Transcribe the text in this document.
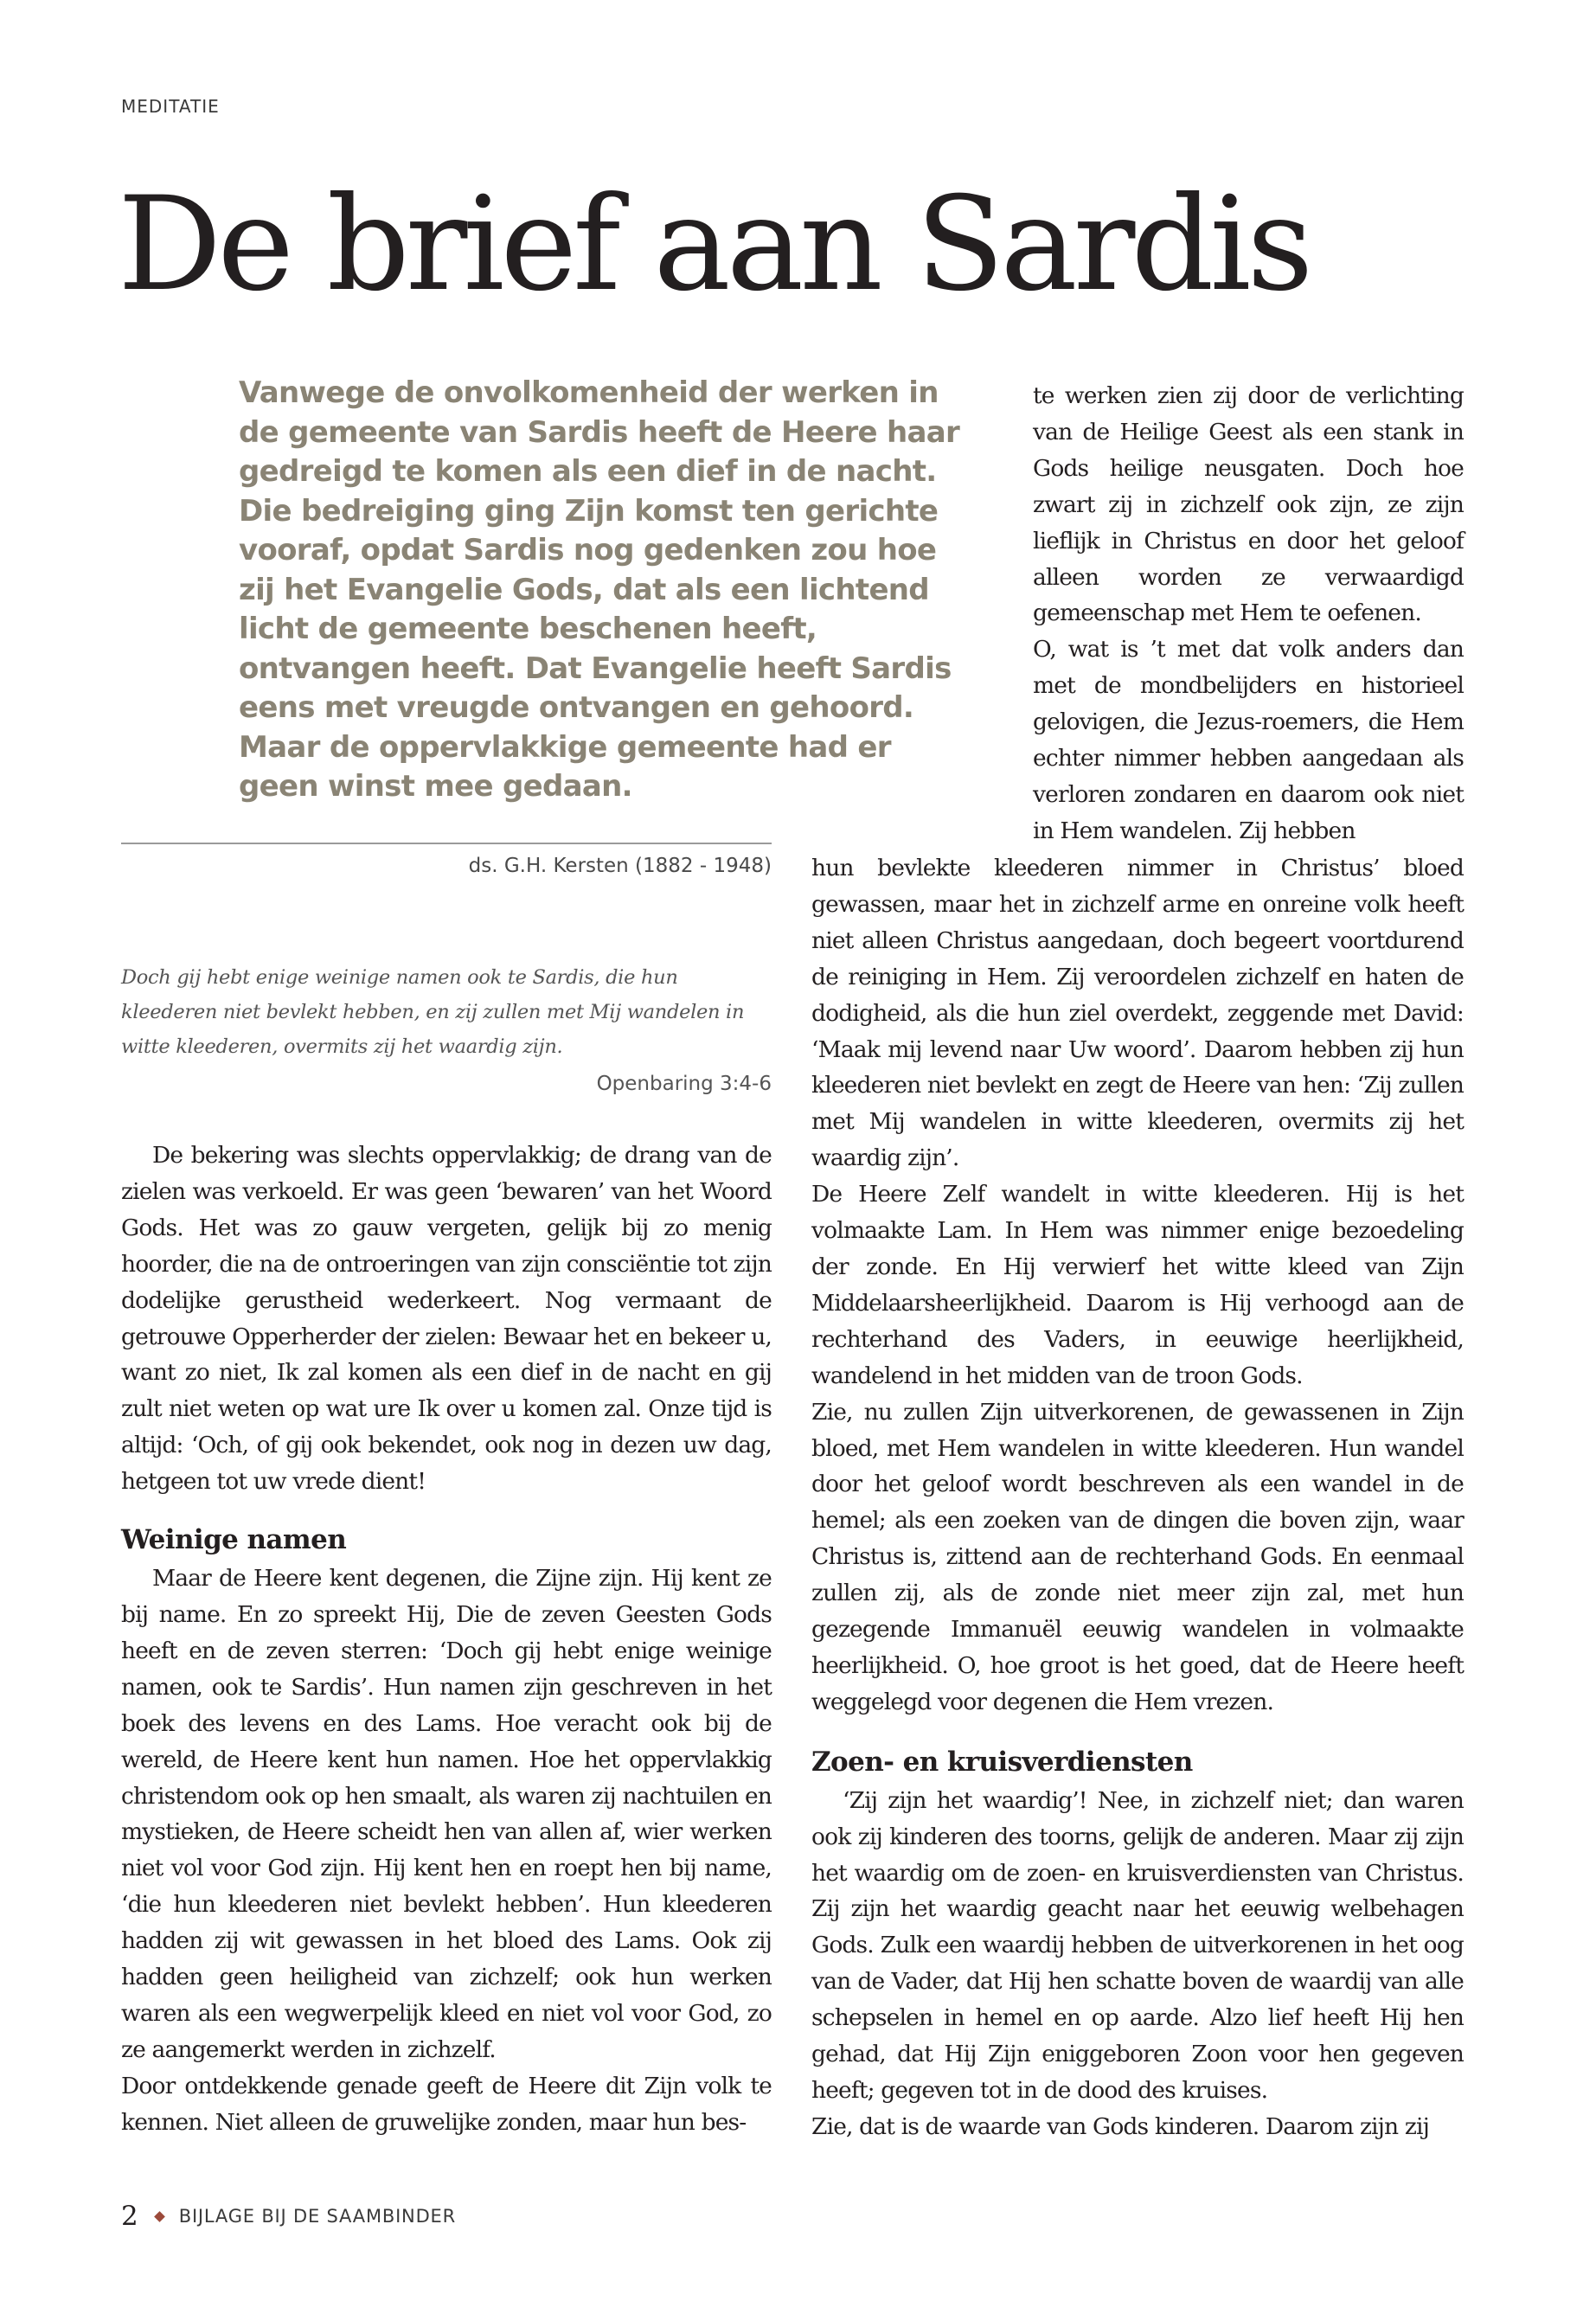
MEDITATIE
De brief aan Sardis

Vanwege de onvolkomenheid der werken in de gemeente van Sardis heeft de Heere haar gedreigd te komen als een dief in de nacht. Die bedreiging ging Zijn komst ten gerichte vooraf, opdat Sardis nog gedenken zou hoe zij het Evangelie Gods, dat als een lichtend licht de gemeente beschenen heeft, ontvangen heeft. Dat Evangelie heeft Sardis eens met vreugde ontvangen en gehoord. Maar de oppervlakkige gemeente had er geen winst mee gedaan.

ds. G.H. Kersten (1882 - 1948)

Doch gij hebt enige weinige namen ook te Sardis, die hun kleederen niet bevlekt hebben, en zij zullen met Mij wandelen in witte kleederen, overmits zij het waardig zijn.

Openbaring 3:4-6

De bekering was slechts oppervlakkig; de drang van de zielen was verkoeld. Er was geen ‘bewaren’ van het Woord Gods. Het was zo gauw vergeten, gelijk bij zo menig hoorder, die na de ontroeringen van zijn consciëntie tot zijn dodelijke gerustheid wederkeert. Nog vermaant de getrouwe Opperherder der zielen: Bewaar het en bekeer u, want zo niet, Ik zal komen als een dief in de nacht en gij zult niet weten op wat ure Ik over u komen zal. Onze tijd is altijd: ‘Och, of gij ook bekendet, ook nog in dezen uw dag, hetgeen tot uw vrede dient!

Weinige namen

Maar de Heere kent degenen, die Zijne zijn. Hij kent ze bij name. En zo spreekt Hij, Die de zeven Geesten Gods heeft en de zeven sterren: ‘Doch gij hebt enige weinige namen, ook te Sardis’. Hun namen zijn geschreven in het boek des levens en des Lams. Hoe veracht ook bij de wereld, de Heere kent hun namen. Hoe het oppervlakkig christendom ook op hen smaalt, als waren zij nachtuilen en mystieken, de Heere scheidt hen van allen af, wier werken niet vol voor God zijn. Hij kent hen en roept hen bij name, ‘die hun kleederen niet bevlekt hebben’. Hun kleederen hadden zij wit gewassen in het bloed des Lams. Ook zij hadden geen heiligheid van zichzelf; ook hun werken waren als een wegwerpelijk kleed en niet vol voor God, zo ze aangemerkt werden in zichzelf.

Door ontdekkende genade geeft de Heere dit Zijn volk te kennen. Niet alleen de gruwelijke zonden, maar hun bes-

te werken zien zij door de verlichting van de Heilige Geest als een stank in Gods heilige neusgaten. Doch hoe zwart zij in zichzelf ook zijn, ze zijn lieflijk in Christus en door het geloof alleen worden ze verwaardigd gemeenschap met Hem te oefenen.

O, wat is ’t met dat volk anders dan met de mondbelijders en historieel gelovigen, die Jezus-roemers, die Hem echter nimmer hebben aangedaan als verloren zondaren en daarom ook niet in Hem wandelen. Zij hebben

hun bevlekte kleederen nimmer in Christus’ bloed gewassen, maar het in zichzelf arme en onreine volk heeft niet alleen Christus aangedaan, doch begeert voortdurend de reiniging in Hem. Zij veroordelen zichzelf en haten de dodigheid, als die hun ziel overdekt, zeggende met David: ‘Maak mij levend naar Uw woord’. Daarom hebben zij hun kleederen niet bevlekt en zegt de Heere van hen: ‘Zij zullen met Mij wandelen in witte kleederen, overmits zij het waardig zijn’.

De Heere Zelf wandelt in witte kleederen. Hij is het volmaakte Lam. In Hem was nimmer enige bezoedeling der zonde. En Hij verwierf het witte kleed van Zijn Middelaarsheerlijkheid. Daarom is Hij verhoogd aan de rechterhand des Vaders, in eeuwige heerlijkheid, wandelend in het midden van de troon Gods.

Zie, nu zullen Zijn uitverkorenen, de gewassenen in Zijn bloed, met Hem wandelen in witte kleederen. Hun wandel door het geloof wordt beschreven als een wandel in de hemel; als een zoeken van de dingen die boven zijn, waar Christus is, zittend aan de rechterhand Gods. En eenmaal zullen zij, als de zonde niet meer zijn zal, met hun gezegende Immanuël eeuwig wandelen in volmaakte heerlijkheid. O, hoe groot is het goed, dat de Heere heeft weggelegd voor degenen die Hem vrezen.

Zoen- en kruisverdiensten

‘Zij zijn het waardig’! Nee, in zichzelf niet; dan waren ook zij kinderen des toorns, gelijk de anderen. Maar zij zijn het waardig om de zoen- en kruisverdiensten van Christus. Zij zijn het waardig geacht naar het eeuwig welbehagen Gods. Zulk een waardij hebben de uitverkorenen in het oog van de Vader, dat Hij hen schatte boven de waardij van alle schepselen in hemel en op aarde. Alzo lief heeft Hij hen gehad, dat Hij Zijn eniggeboren Zoon voor hen gegeven heeft; gegeven tot in de dood des kruises.

Zie, dat is de waarde van Gods kinderen. Daarom zijn zij

2 BIJLAGE BIJ DE SAAMBINDER
